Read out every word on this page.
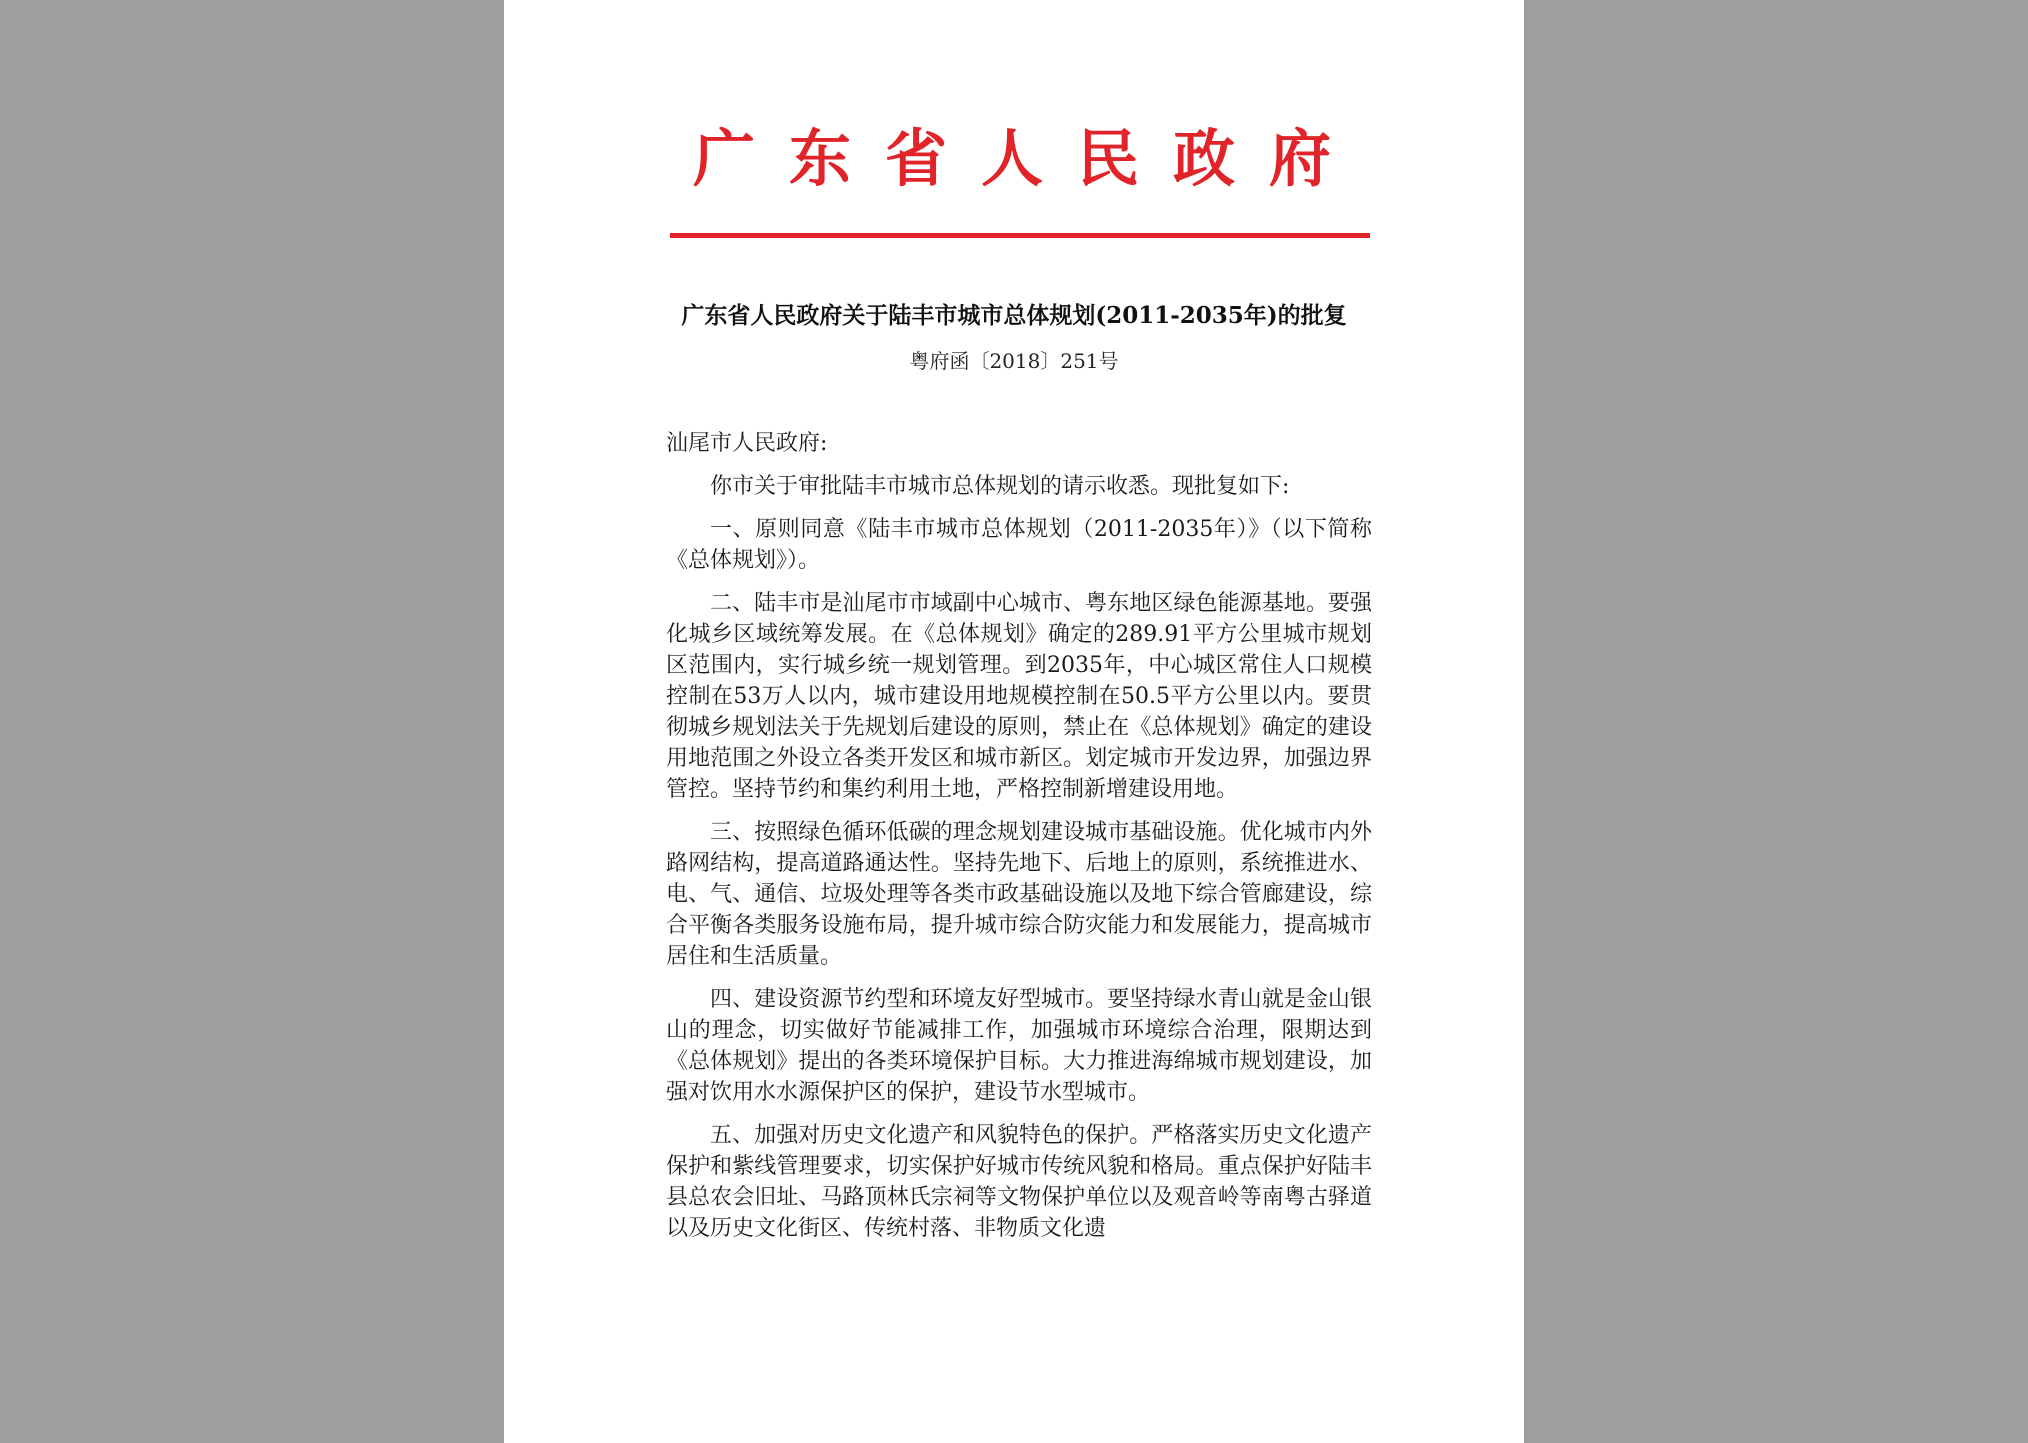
广东省人民政府
广东省人民政府关于陆丰市城市总体规划(2011-2035年)的批复
粤府函〔2018〕251号

汕尾市人民政府:

你市关于审批陆丰市城市总体规划的请示收悉。现批复如下:

一、原则同意《陆丰市城市总体规划（2011-2035年）》（以下简称《总体规划》）。

二、陆丰市是汕尾市市域副中心城市、粤东地区绿色能源基地。要强化城乡区域统筹发展。在《总体规划》确定的289.91平方公里城市规划区范围内，实行城乡统一规划管理。到2035年，中心城区常住人口规模控制在53万人以内，城市建设用地规模控制在50.5平方公里以内。要贯彻城乡规划法关于先规划后建设的原则，禁止在《总体规划》确定的建设用地范围之外设立各类开发区和城市新区。划定城市开发边界，加强边界管控。坚持节约和集约利用土地，严格控制新增建设用地。

三、按照绿色循环低碳的理念规划建设城市基础设施。优化城市内外路网结构，提高道路通达性。坚持先地下、后地上的原则，系统推进水、电、气、通信、垃圾处理等各类市政基础设施以及地下综合管廊建设，综合平衡各类服务设施布局，提升城市综合防灾能力和发展能力，提高城市居住和生活质量。

四、建设资源节约型和环境友好型城市。要坚持绿水青山就是金山银山的理念，切实做好节能减排工作，加强城市环境综合治理，限期达到《总体规划》提出的各类环境保护目标。大力推进海绵城市规划建设，加强对饮用水水源保护区的保护，建设节水型城市。

五、加强对历史文化遗产和风貌特色的保护。严格落实历史文化遗产保护和紫线管理要求，切实保护好城市传统风貌和格局。重点保护好陆丰县总农会旧址、马路顶林氏宗祠等文物保护单位以及观音岭等南粤古驿道以及历史文化街区、传统村落、非物质文化遗
